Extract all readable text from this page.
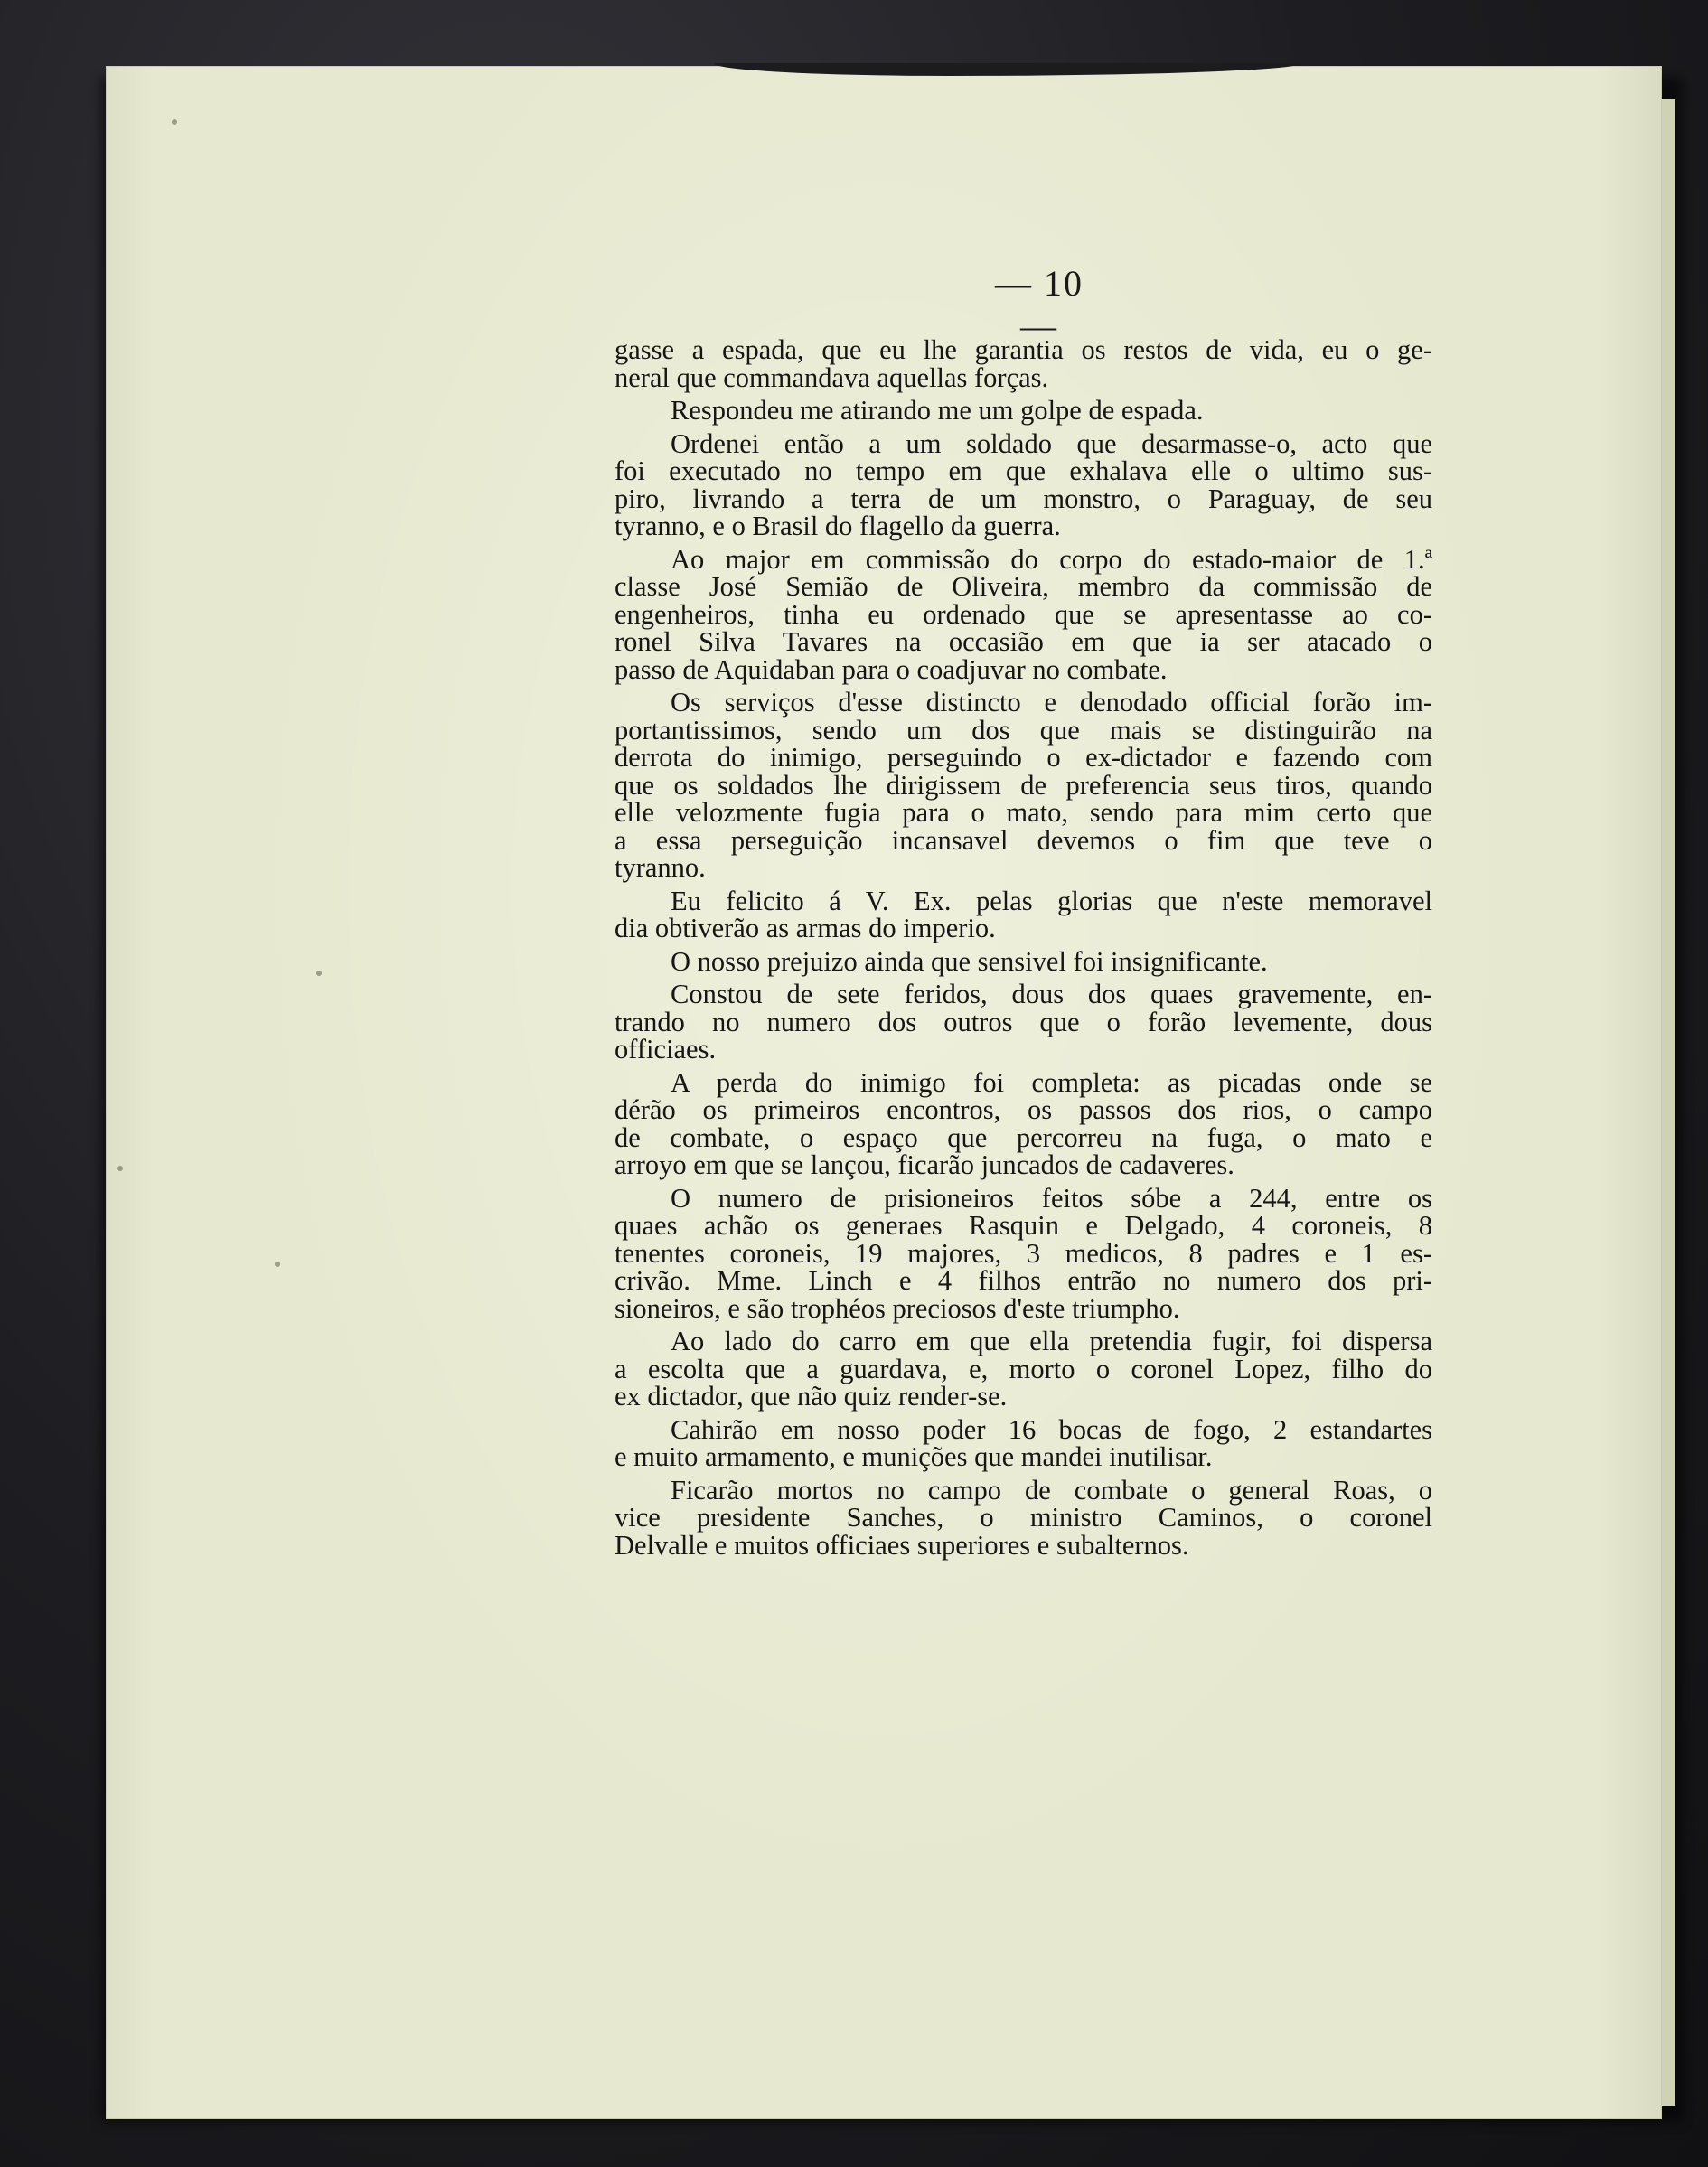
— 10 —
gasse a espada, que eu lhe garantia os restos de vida, eu o ge-
neral que commandava aquellas forças.
Respondeu me atirando me um golpe de espada.
Ordenei então a um soldado que desarmasse-o, acto que
foi executado no tempo em que exhalava elle o ultimo sus-
piro, livrando a terra de um monstro, o Paraguay, de seu
tyranno, e o Brasil do flagello da guerra.
Ao major em commissão do corpo do estado-maior de 1.ª
classe José Semião de Oliveira, membro da commissão de
engenheiros, tinha eu ordenado que se apresentasse ao co-
ronel Silva Tavares na occasião em que ia ser atacado o
passo de Aquidaban para o coadjuvar no combate.
Os serviços d'esse distincto e denodado official forão im-
portantissimos, sendo um dos que mais se distinguirão na
derrota do inimigo, perseguindo o ex-dictador e fazendo com
que os soldados lhe dirigissem de preferencia seus tiros, quando
elle velozmente fugia para o mato, sendo para mim certo que
a essa perseguição incansavel devemos o fim que teve o
tyranno.
Eu felicito á V. Ex. pelas glorias que n'este memoravel
dia obtiverão as armas do imperio.
O nosso prejuizo ainda que sensivel foi insignificante.
Constou de sete feridos, dous dos quaes gravemente, en-
trando no numero dos outros que o forão levemente, dous
officiaes.
A perda do inimigo foi completa: as picadas onde se
dérão os primeiros encontros, os passos dos rios, o campo
de combate, o espaço que percorreu na fuga, o mato e
arroyo em que se lançou, ficarão juncados de cadaveres.
O numero de prisioneiros feitos sóbe a 244, entre os
quaes achão os generaes Rasquin e Delgado, 4 coroneis, 8
tenentes coroneis, 19 majores, 3 medicos, 8 padres e 1 es-
crivão. Mme. Linch e 4 filhos entrão no numero dos pri-
sioneiros, e são trophéos preciosos d'este triumpho.
Ao lado do carro em que ella pretendia fugir, foi dispersa
a escolta que a guardava, e, morto o coronel Lopez, filho do
ex dictador, que não quiz render-se.
Cahirão em nosso poder 16 bocas de fogo, 2 estandartes
e muito armamento, e munições que mandei inutilisar.
Ficarão mortos no campo de combate o general Roas, o
vice presidente Sanches, o ministro Caminos, o coronel
Delvalle e muitos officiaes superiores e subalternos.
